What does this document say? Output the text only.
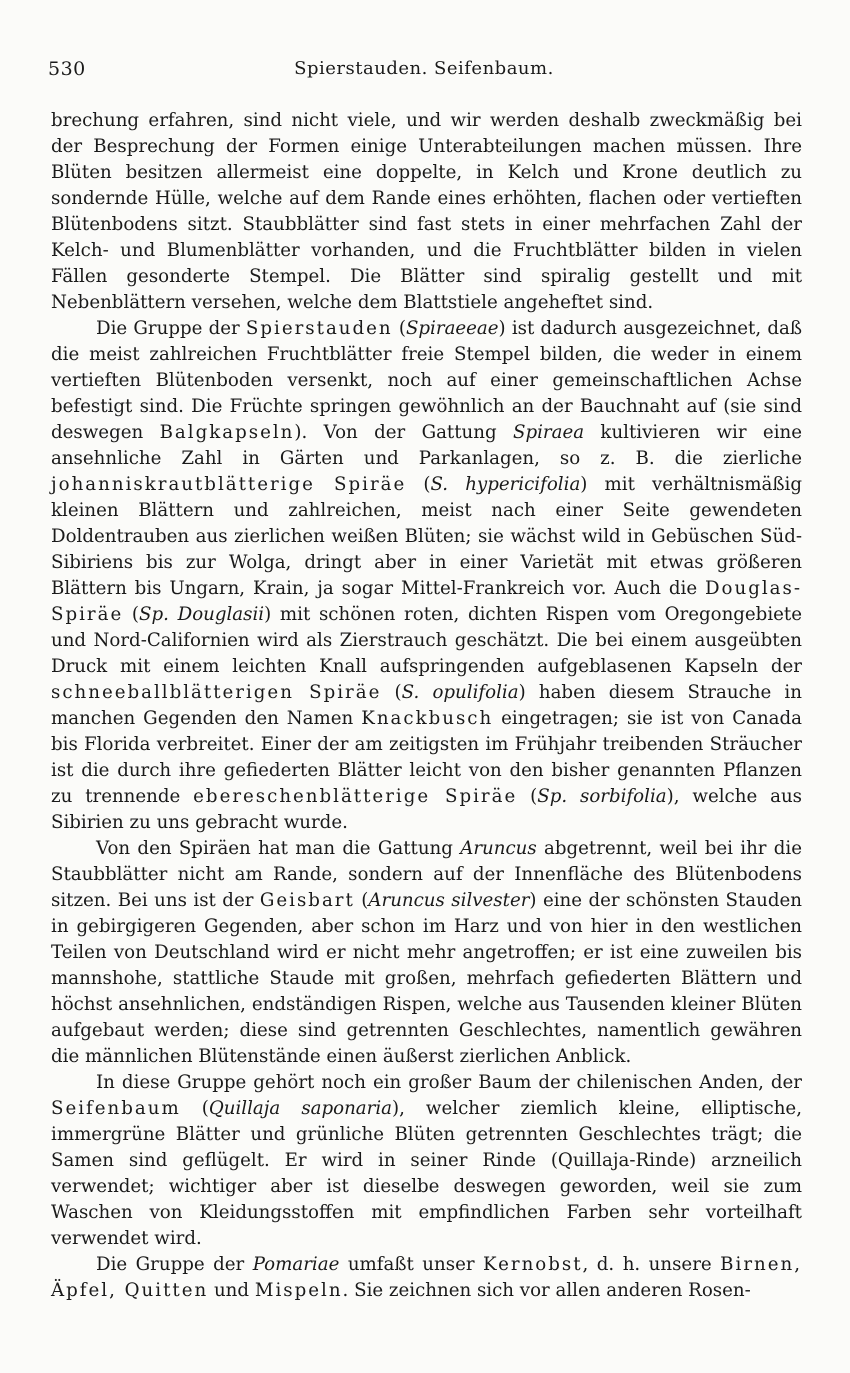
530	Spierstauden. Seifenbaum.

brechung erfahren, sind nicht viele, und wir werden deshalb zweckmäßig bei der Besprechung der Formen einige Unterabteilungen machen müssen. Ihre Blüten besitzen allermeist eine doppelte, in Kelch und Krone deutlich zu sondernde Hülle, welche auf dem Rande eines erhöhten, flachen oder vertieften Blütenbodens sitzt. Staubblätter sind fast stets in einer mehrfachen Zahl der Kelch- und Blumenblätter vorhanden, und die Fruchtblätter bilden in vielen Fällen gesonderte Stempel. Die Blätter sind spiralig gestellt und mit Nebenblättern versehen, welche dem Blattstiele angeheftet sind.

Die Gruppe der Spierstauden (Spiraeeae) ist dadurch ausgezeichnet, daß die meist zahlreichen Fruchtblätter freie Stempel bilden, die weder in einem vertieften Blütenboden versenkt, noch auf einer gemeinschaftlichen Achse befestigt sind. Die Früchte springen gewöhnlich an der Bauchnaht auf (sie sind deswegen Balgkapseln). Von der Gattung Spiraea kultivieren wir eine ansehnliche Zahl in Gärten und Parkanlagen, so z. B. die zierliche johanniskrautblätterige Spiräe (S. hypericifolia) mit verhältnismäßig kleinen Blättern und zahlreichen, meist nach einer Seite gewendeten Doldentrauben aus zierlichen weißen Blüten; sie wächst wild in Gebüschen Süd-Sibiriens bis zur Wolga, dringt aber in einer Varietät mit etwas größeren Blättern bis Ungarn, Krain, ja sogar Mittel-Frankreich vor. Auch die Douglas-Spiräe (Sp. Douglasii) mit schönen roten, dichten Rispen vom Oregongebiete und Nord-Californien wird als Zierstrauch geschätzt. Die bei einem ausgeübten Druck mit einem leichten Knall aufspringenden aufgeblasenen Kapseln der schneeballblätterigen Spiräe (S. opulifolia) haben diesem Strauche in manchen Gegenden den Namen Knackbusch eingetragen; sie ist von Canada bis Florida verbreitet. Einer der am zeitigsten im Frühjahr treibenden Sträucher ist die durch ihre gefiederten Blätter leicht von den bisher genannten Pflanzen zu trennende ebereschenblätterige Spiräe (Sp. sorbifolia), welche aus Sibirien zu uns gebracht wurde.

Von den Spiräen hat man die Gattung Aruncus abgetrennt, weil bei ihr die Staubblätter nicht am Rande, sondern auf der Innenfläche des Blütenbodens sitzen. Bei uns ist der Geisbart (Aruncus silvester) eine der schönsten Stauden in gebirgigeren Gegenden, aber schon im Harz und von hier in den westlichen Teilen von Deutschland wird er nicht mehr angetroffen; er ist eine zuweilen bis mannshohe, stattliche Staude mit großen, mehrfach gefiederten Blättern und höchst ansehnlichen, endständigen Rispen, welche aus Tausenden kleiner Blüten aufgebaut werden; diese sind getrennten Geschlechtes, namentlich gewähren die männlichen Blütenstände einen äußerst zierlichen Anblick.

In diese Gruppe gehört noch ein großer Baum der chilenischen Anden, der Seifenbaum (Quillaja saponaria), welcher ziemlich kleine, elliptische, immergrüne Blätter und grünliche Blüten getrennten Geschlechtes trägt; die Samen sind geflügelt. Er wird in seiner Rinde (Quillaja-Rinde) arzneilich verwendet; wichtiger aber ist dieselbe deswegen geworden, weil sie zum Waschen von Kleidungsstoffen mit empfindlichen Farben sehr vorteilhaft verwendet wird.

Die Gruppe der Pomariae umfaßt unser Kernobst, d. h. unsere Birnen, Äpfel, Quitten und Mispeln. Sie zeichnen sich vor allen anderen Rosen-
